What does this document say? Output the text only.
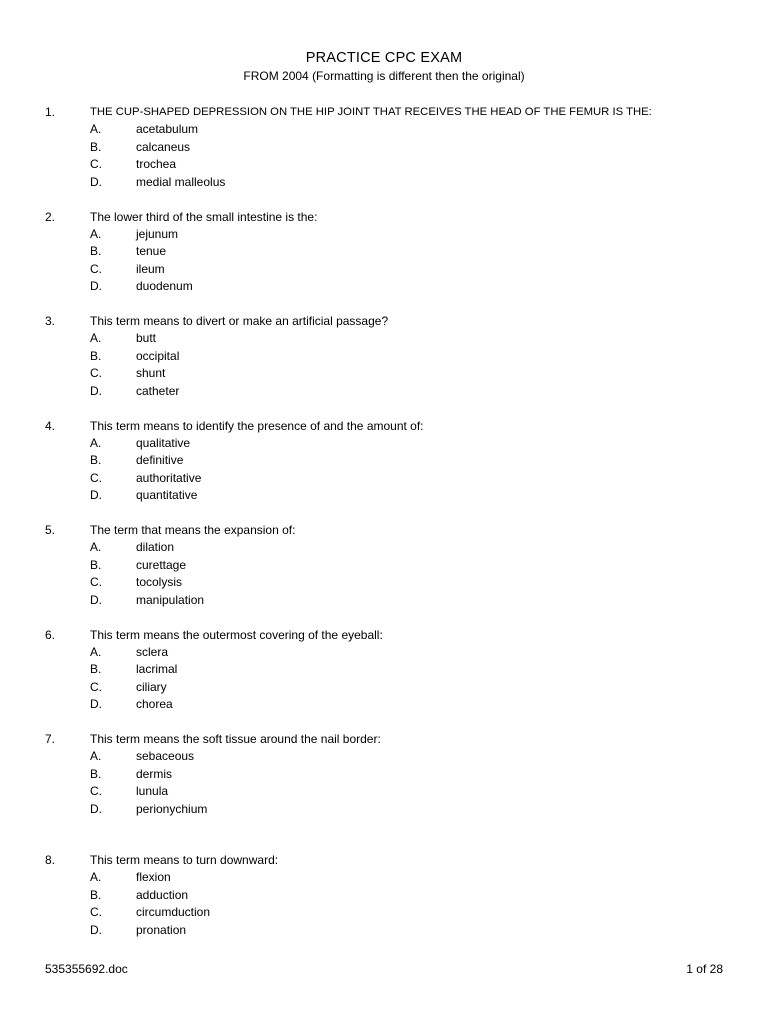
PRACTICE CPC EXAM
FROM 2004 (Formatting is different then the original)
1.	THE CUP-SHAPED DEPRESSION ON THE HIP JOINT THAT RECEIVES THE HEAD OF THE FEMUR IS THE:
A.	acetabulum
B.	calcaneus
C.	trochea
D.	medial malleolus
2.	The lower third of the small intestine is the:
A.	jejunum
B.	tenue
C.	ileum
D.	duodenum
3.	This term means to divert or make an artificial passage?
A.	butt
B.	occipital
C.	shunt
D.	catheter
4.	This term means to identify the presence of and the amount of:
A.	qualitative
B.	definitive
C.	authoritative
D.	quantitative
5.	The term that means the expansion of:
A.	dilation
B.	curettage
C.	tocolysis
D.	manipulation
6.	This term means the outermost covering of the eyeball:
A.	sclera
B.	lacrimal
C.	ciliary
D.	chorea
7.	This term means the soft tissue around the nail border:
A.	sebaceous
B.	dermis
C.	lunula
D.	perionychium
8.	This term means to turn downward:
A.	flexion
B.	adduction
C.	circumduction
D.	pronation
535355692.doc	1 of 28
